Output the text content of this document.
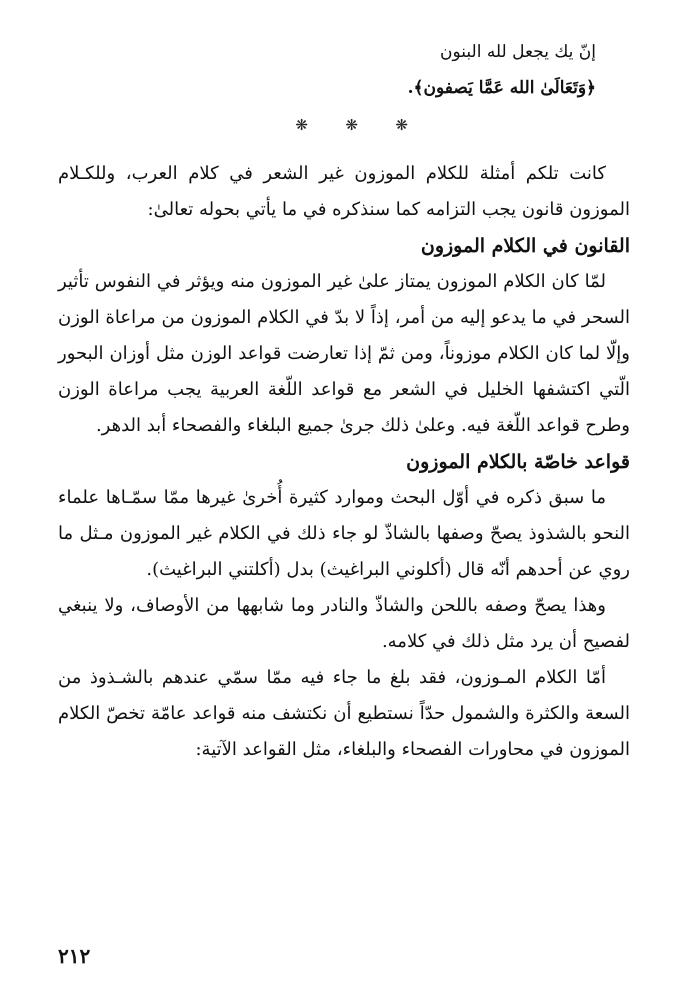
إنّ يك يجعل لله البنون

﴿وَتَعَالَىٰ الله عَمَّا يَصفون﴾.

❋
❋
❋

كانت تلكم أمثلة للكلام الموزون غير الشعر في كلام العرب، وللكـلام الموزون قانون يجب التزامه كما سنذكره في ما يأتي بحوله تعالىٰ:

القانون في الكلام الموزون

لمّا كان الكلام الموزون يمتاز علىٰ غير الموزون منه ويؤثر في النفوس تأثير السحر في ما يدعو إليه من أمر، إذاً لا بدّ في الكلام الموزون من مراعاة الوزن وإلّا لما كان الكلام موزوناً، ومن ثمّ إذا تعارضت قواعد الوزن مثل أوزان البحور الّتي اكتشفها الخليل في الشعر مع قواعد اللّغة العربية يجب مراعاة الوزن وطرح قواعد اللّغة فيه. وعلىٰ ذلك جرىٰ جميع البلغاء والفصحاء أبد الدهر.

قواعد خاصّة بالكلام الموزون

ما سبق ذكره في أوّل البحث وموارد كثيرة أُخرىٰ غيرها ممّا سمّـاها علماء النحو بالشذوذ يصحّ وصفها بالشاذّ لو جاء ذلك في الكلام غير الموزون مـثل ما روي عن أحدهم أنّه قال (أكلوني البراغيث) بدل (أكلتني البراغيث).

وهذا يصحّ وصفه باللحن والشاذّ والنادر وما شابهها من الأوصاف، ولا ينبغي لفصيح أن يرد مثل ذلك في كلامه.

أمّا الكلام المـوزون، فقد بلغ ما جاء فيه ممّا سمّي عندهم بالشـذوذ من السعة والكثرة والشمول حدّاً نستطيع أن نكتشف منه قواعد عامّة تخصّ الكلام الموزون في محاورات الفصحاء والبلغاء، مثل القواعد الآتية:

٢١٢
